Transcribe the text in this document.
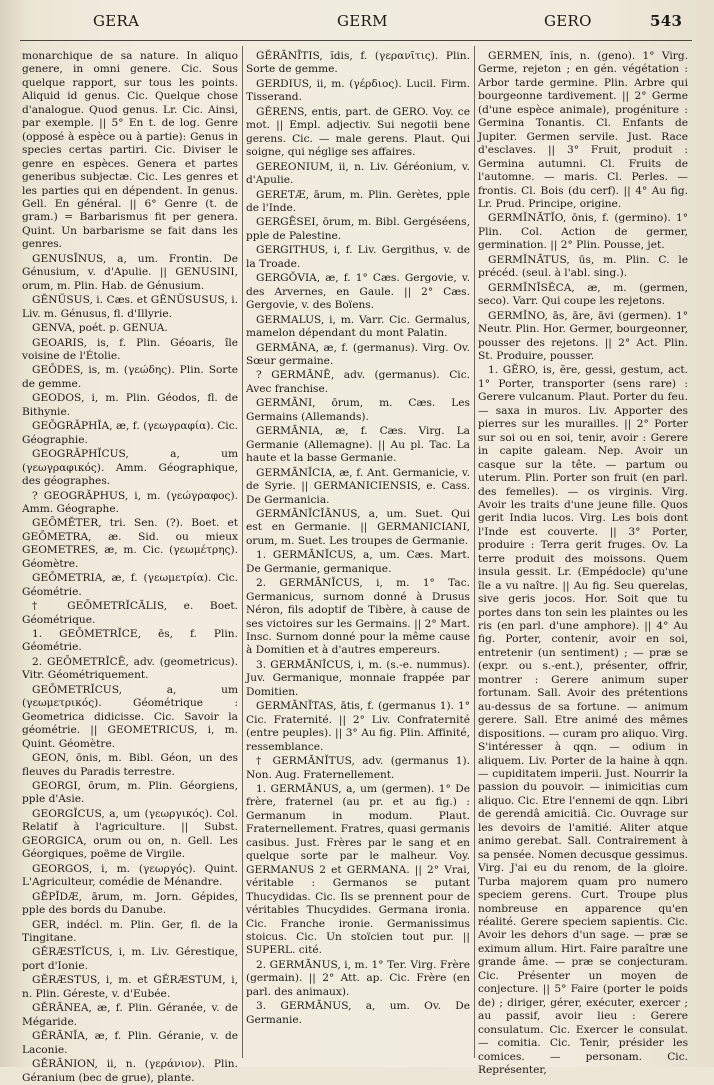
GERA	GERM	GERO	543

monarchique de sa nature. In aliquo genere, in omni genere. Cic. Sous quelque rapport, sur tous les points. Aliquid id genus. Cic. Quelque chose d'analogue. Quod genus. Lr. Cic. Ainsi, par exemple. || 5° En t. de log. Genre (opposé à espèce ou à partie): Genus in species certas partiri. Cic. Diviser le genre en espèces. Genera et partes generibus subjectæ. Cic. Les genres et les parties qui en dépendent. In genus. Gell. En général. || 6° Genre (t. de gram.) = Barbarismus fit per genera. Quint. Un barbarisme se fait dans les genres.

GENUSĪNUS, a, um. Frontin. De Génusium, v. d'Apulie. || GENUSINI, orum, m. Plin. Hab. de Génusium.

GĔNŬSUS, i. Cæs. et GĔNŬSUSUS, i. Liv. m. Génusus, fl. d'Illyrie.

GENVA, poét. p. GENUA.

GEOARIS, is, f. Plin. Géoaris, île voisine de l'Étolie.

GEŌDES, is, m. (γεώδης). Plin. Sorte de gemme.

GEODOS, i, m. Plin. Géodos, fl. de Bithynie.

GEŌGRĂPHĬA, æ, f. (γεωγραφία). Cic. Géographie.

GEOGRĂPHĬCUS, a, um (γεωγραφικός). Amm. Géographique, des géographes.

? GEOGRĂPHUS, i, m. (γεώγραφος). Amm. Géographe.

GEŌMĔTER, tri. Sen. (?). Boet. et GEŌMETRA, æ. Sid. ou mieux GEOMETRES, æ, m. Cic. (γεωμέτρης). Géomètre.

GEŌMETRIA, æ, f. (γεωμετρία). Cic. Géométrie.

† GEŌMETRĬCĀLIS, e. Boet. Géométrique.

1. GEŌMETRĬCE, ēs, f. Plin. Géométrie.

2. GEŌMETRĬCĒ, adv. (geometricus). Vitr. Géométriquement.

GEŌMETRĬCUS, a, um (γεωμετρικός). Géométrique : Geometrica didicisse. Cic. Savoir la géométrie. || GEOMETRICUS, i, m. Quint. Géomètre.

GEON, ōnis, m. Bibl. Géon, un des fleuves du Paradis terrestre.

GEORGI, ōrum, m. Plin. Géorgiens, pple d'Asie.

GEORGĬCUS, a, um (γεωργικός). Col. Relatif à l'agriculture. || Subst. GEORGICA, orum ou on, n. Gell. Les Géorgiques, poëme de Virgile.

GEORGOS, i, m. (γεωργός). Quint. L'Agriculteur, comédie de Ménandre.

GĒPĬDÆ, ārum, m. Jorn. Gépides, pple des bords du Danube.

GER, indécl. m. Plin. Ger, fl. de la Tingitane.

GĔRÆSTĬCUS, i, m. Liv. Gérestique, port d'Ionie.

GĔRÆSTUS, i, m. et GĔRÆSTUM, i, n. Plin. Géreste, v. d'Eubée.

GĔRĀNEA, æ, f. Plin. Géranée, v. de Mégaride.

GĔRĀNĬA, æ, f. Plin. Géranie, v. de Laconie.

GĔRĀNION, ii, n. (γεράνιον). Plin. Géranium (bec de grue), plante.

GĔRĀNĪTIS, ĭdis, f. (γερανῖτις). Plin. Sorte de gemme.

GERDIUS, ii, m. (γέρδιος). Lucil. Firm. Tisserand.

GĔRENS, entis, part. de GERO. Voy. ce mot. || Empl. adjectiv. Sui negotii bene gerens. Cic. — male gerens. Plaut. Qui soigne, qui néglige ses affaires.

GEREONIUM, ii, n. Liv. Géréonium, v. d'Apulie.

GERETÆ, ārum, m. Plin. Gerètes, pple de l'Inde.

GERGĒSEI, ōrum, m. Bibl. Gergéséens, pple de Palestine.

GERGITHUS, i, f. Liv. Gergithus, v. de la Troade.

GERGŎVIA, æ, f. 1° Cæs. Gergovie, v. des Arvernes, en Gaule. || 2° Cæs. Gergovie, v. des Boïens.

GERMALUS, i, m. Varr. Cic. Germalus, mamelon dépendant du mont Palatin.

GERMĀNA, æ, f. (germanus). Virg. Ov. Sœur germaine.

? GERMĀNĒ, adv. (germanus). Cic. Avec franchise.

GERMĀNI, ōrum, m. Cæs. Les Germains (Allemands).

GERMĀNIA, æ, f. Cæs. Virg. La Germanie (Allemagne). || Au pl. Tac. La haute et la basse Germanie.

GERMĀNĬCIA, æ, f. Ant. Germanicie, v. de Syrie. || GERMANICIENSIS, e. Cass. De Germanicia.

GERMĀNĬCĬĀNUS, a, um. Suet. Qui est en Germanie. || GERMANICIANI, orum, m. Suet. Les troupes de Germanie.

1. GERMĀNĬCUS, a, um. Cæs. Mart. De Germanie, germanique.

2. GERMĀNĬCUS, i, m. 1° Tac. Germanicus, surnom donné à Drusus Néron, fils adoptif de Tibère, à cause de ses victoires sur les Germains. || 2° Mart. Insc. Surnom donné pour la même cause à Domitien et à d'autres empereurs.

3. GERMĀNĬCUS, i, m. (s.-e. nummus). Juv. Germanique, monnaie frappée par Domitien.

GERMĀNĬTAS, ātis, f. (germanus 1). 1° Cic. Fraternité. || 2° Liv. Confraternité (entre peuples). || 3° Au fig. Plin. Affinité, ressemblance.

† GERMĀNĬTUS, adv. (germanus 1). Non. Aug. Fraternellement.

1. GERMĀNUS, a, um (germen). 1° De frère, fraternel (au pr. et au fig.) : Germanum in modum. Plaut. Fraternellement. Fratres, quasi germanis casibus. Just. Frères par le sang et en quelque sorte par le malheur. Voy. GERMANUS 2 et GERMANA. || 2° Vrai, véritable : Germanos se putant Thucydidas. Cic. Ils se prennent pour de véritables Thucydides. Germana ironia. Cic. Franche ironie. Germanissimus stoicus. Cic. Un stoïcien tout pur. || SUPERL. cité.

2. GERMĀNUS, i, m. 1° Ter. Virg. Frère (germain). || 2° Att. ap. Cic. Frère (en parl. des animaux).

3. GERMĀNUS, a, um. Ov. De Germanie.

GERMEN, ĭnis, n. (geno). 1° Virg. Germe, rejeton ; en gén. végétation : Arbor tarde germine. Plin. Arbre qui bourgeonne tardivement. || 2° Germe (d'une espèce animale), progéniture : Germina Tonantis. Cl. Enfants de Jupiter. Germen servile. Just. Race d'esclaves. || 3° Fruit, produit : Germina autumni. Cl. Fruits de l'automne. — maris. Cl. Perles. — frontis. Cl. Bois (du cerf). || 4° Au fig. Lr. Prud. Principe, origine.

GERMĬNĀTĬO, ōnis, f. (germino). 1° Plin. Col. Action de germer, germination. || 2° Plin. Pousse, jet.

GERMĬNĀTUS, ūs, m. Plin. C. le précéd. (seul. à l'abl. sing.).

GERMĬNĬSĔCA, æ, m. (germen, seco). Varr. Qui coupe les rejetons.

GERMĬNO, ās, āre, āvi (germen). 1° Neutr. Plin. Hor. Germer, bourgeonner, pousser des rejetons. || 2° Act. Plin. St. Produire, pousser.

1. GĔRO, is, ĕre, gessi, gestum, act. 1° Porter, transporter (sens rare) : Gerere vulcanum. Plaut. Porter du feu. — saxa in muros. Liv. Apporter des pierres sur les murailles. || 2° Porter sur soi ou en soi, tenir, avoir : Gerere in capite galeam. Nep. Avoir un casque sur la tête. — partum ou uterum. Plin. Porter son fruit (en parl. des femelles). — os virginis. Virg. Avoir les traits d'une jeune fille. Quos gerit India lucos. Virg. Les bois dont l'Inde est couverte. || 3° Porter, produire : Terra gerit fruges. Ov. La terre produit des moissons. Quem insula gessit. Lr. (Empédocle) qu'une île a vu naître. || Au fig. Seu querelas, sive geris jocos. Hor. Soit que tu portes dans ton sein les plaintes ou les ris (en parl. d'une amphore). || 4° Au fig. Porter, contenir, avoir en soi, entretenir (un sentiment) ; — præ se (expr. ou s.-ent.), présenter, offrir, montrer : Gerere animum super fortunam. Sall. Avoir des prétentions au-dessus de sa fortune. — animum gerere. Sall. Etre animé des mêmes dispositions. — curam pro aliquo. Virg. S'intéresser à qqn. — odium in aliquem. Liv. Porter de la haine à qqn. — cupiditatem imperii. Just. Nourrir la passion du pouvoir. — inimicitias cum aliquo. Cic. Etre l'ennemi de qqn. Libri de gerendâ amicitiâ. Cic. Ouvrage sur les devoirs de l'amitié. Aliter atque animo gerebat. Sall. Contrairement à sa pensée. Nomen decusque gessimus. Virg. J'ai eu du renom, de la gloire. Turba majorem quam pro numero speciem gerens. Curt. Troupe plus nombreuse en apparence qu'en réalité. Gerere speciem sapientis. Cic. Avoir les dehors d'un sage. — præ se eximum allum. Hirt. Faire paraître une grande âme. — præ se conjecturam. Cic. Présenter un moyen de conjecture. || 5° Faire (porter le poids de) ; diriger, gérer, exécuter, exercer ; au passif, avoir lieu : Gerere consulatum. Cic. Exercer le consulat. — comitia. Cic. Tenir, présider les comices. — personam. Cic. Représenter,
